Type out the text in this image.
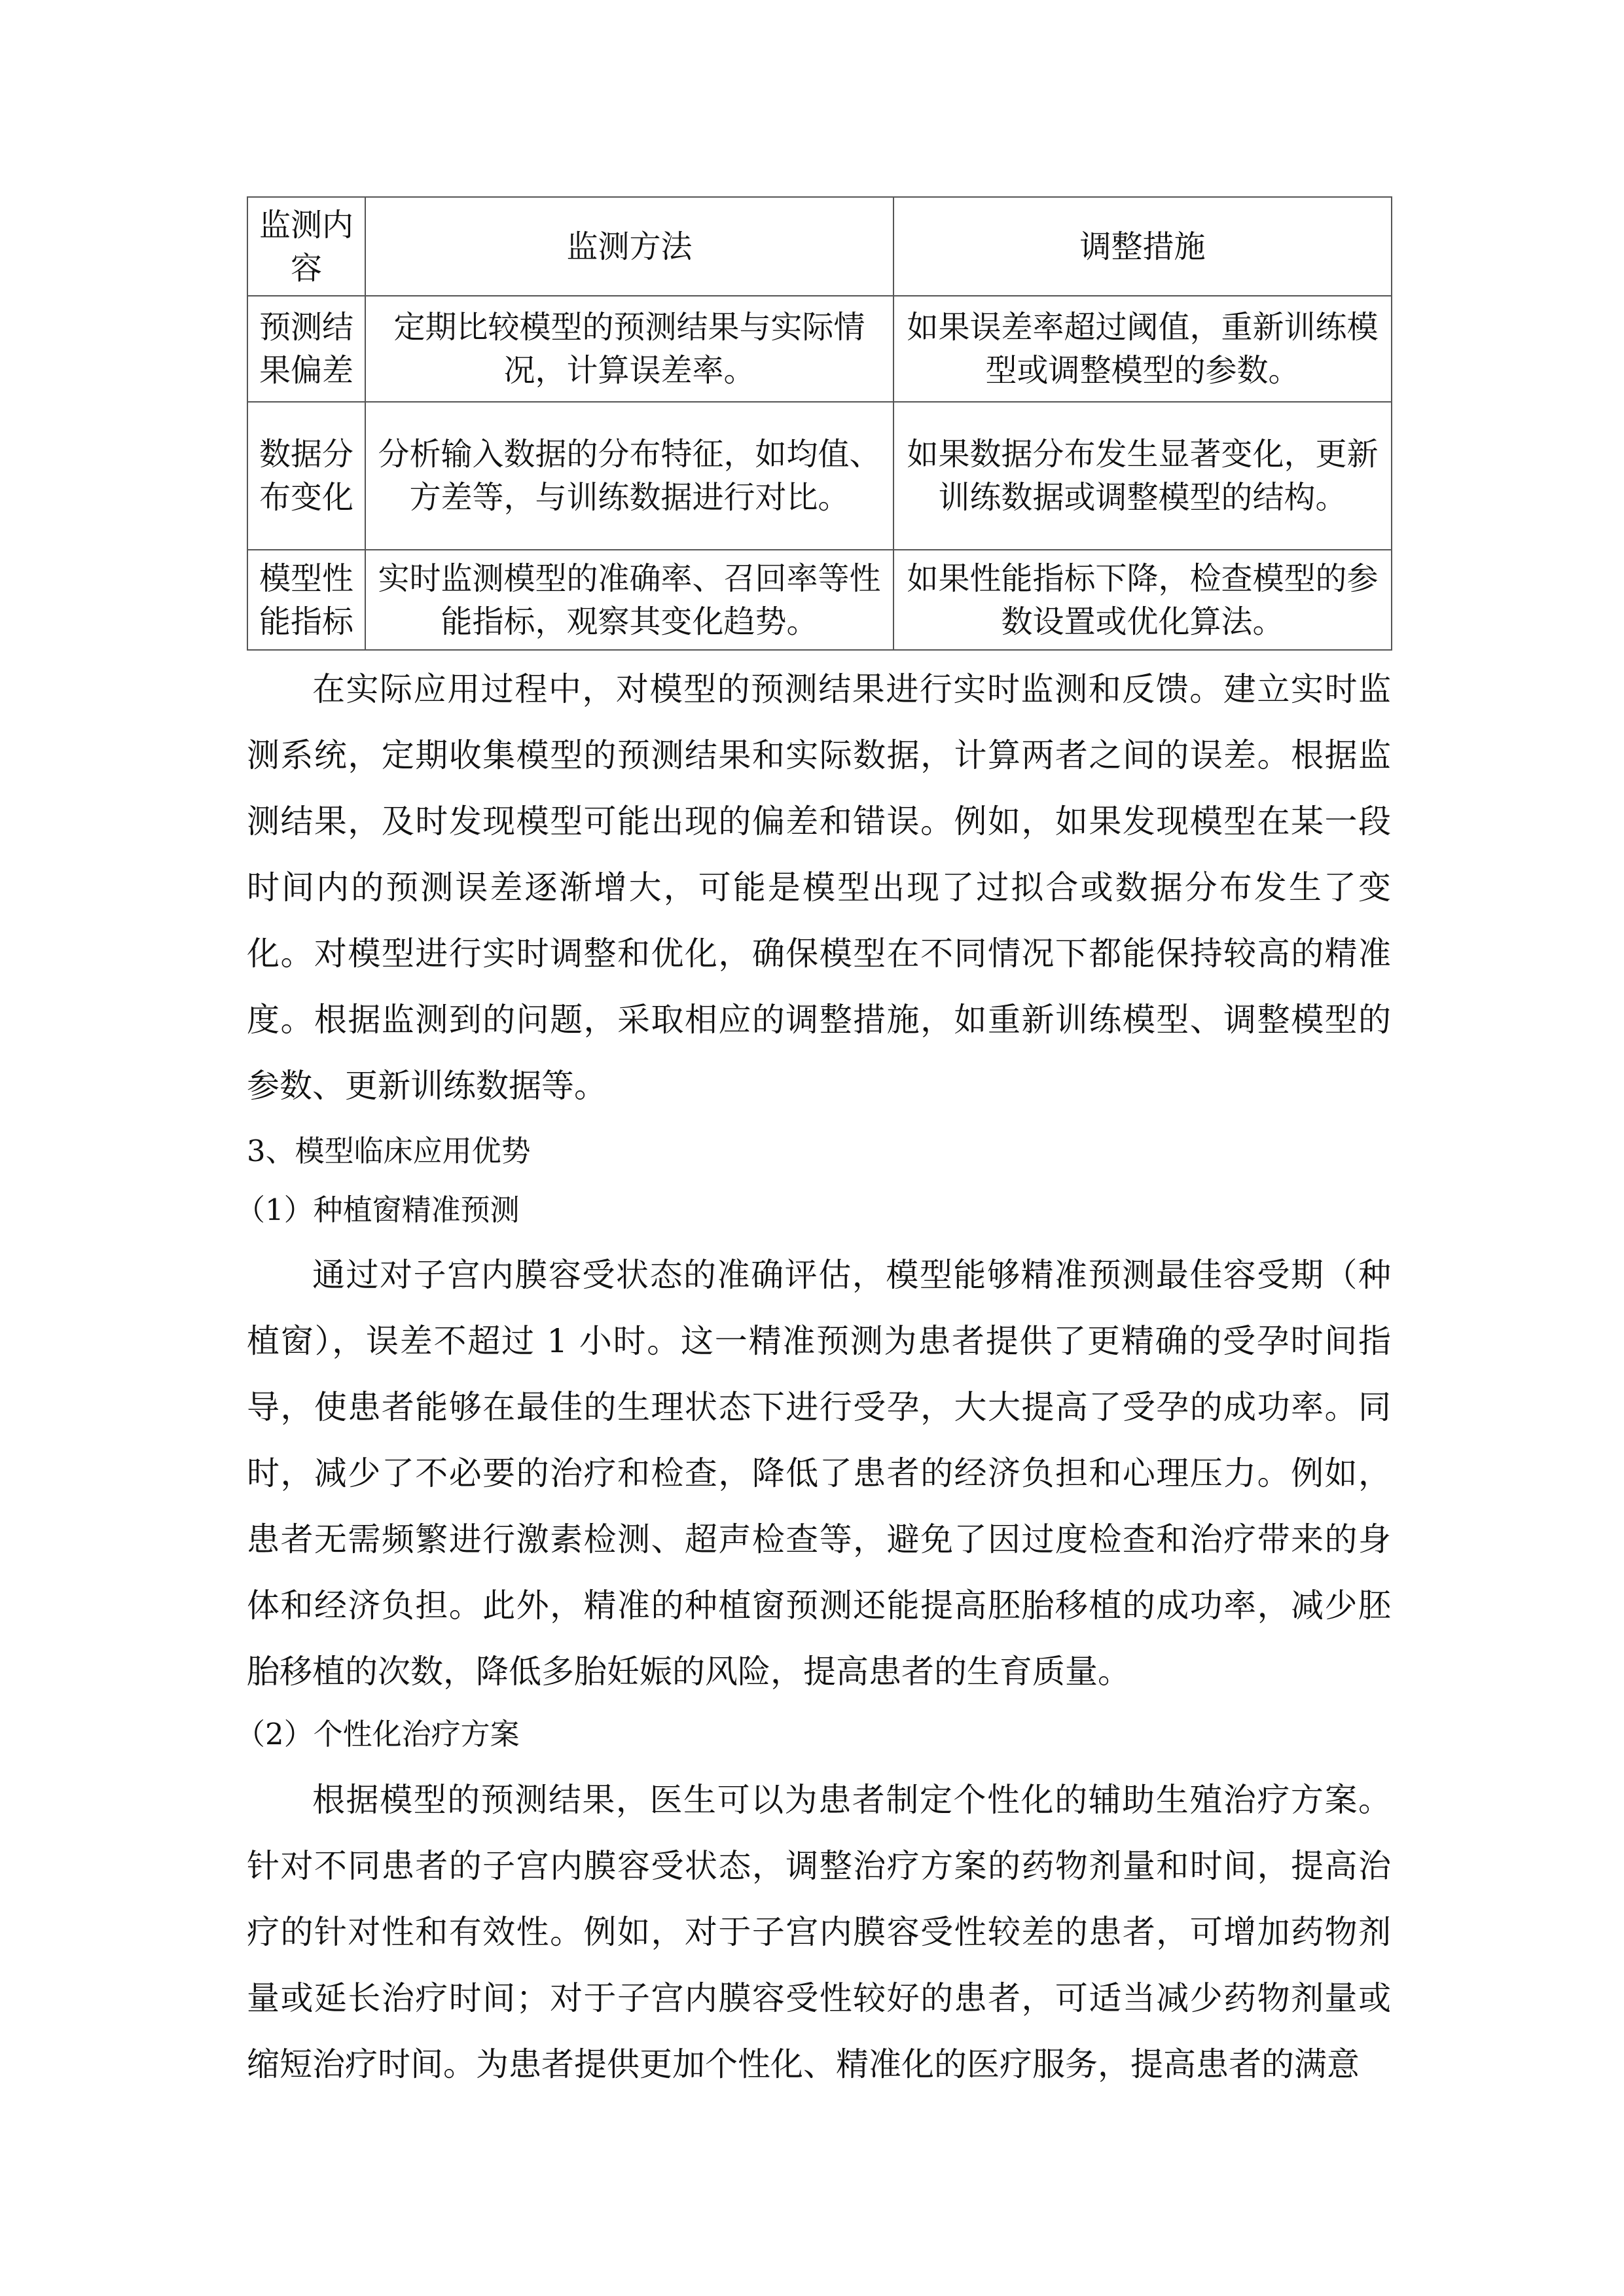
监测内容	监测方法	调整措施
预测结果偏差	定期比较模型的预测结果与实际情况，计算误差率。	如果误差率超过阈值，重新训练模型或调整模型的参数。
数据分布变化	分析输入数据的分布特征，如均值、方差等，与训练数据进行对比。	如果数据分布发生显著变化，更新训练数据或调整模型的结构。
模型性能指标	实时监测模型的准确率、召回率等性能指标，观察其变化趋势。	如果性能指标下降，检查模型的参数设置或优化算法。

在实际应用过程中，对模型的预测结果进行实时监测和反馈。建立实时监测系统，定期收集模型的预测结果和实际数据，计算两者之间的误差。根据监测结果，及时发现模型可能出现的偏差和错误。例如，如果发现模型在某一段时间内的预测误差逐渐增大，可能是模型出现了过拟合或数据分布发生了变化。对模型进行实时调整和优化，确保模型在不同情况下都能保持较高的精准度。根据监测到的问题，采取相应的调整措施，如重新训练模型、调整模型的参数、更新训练数据等。

3、模型临床应用优势

（1）种植窗精准预测

通过对子宫内膜容受状态的准确评估，模型能够精准预测最佳容受期（种植窗），误差不超过 1 小时。这一精准预测为患者提供了更精确的受孕时间指导，使患者能够在最佳的生理状态下进行受孕，大大提高了受孕的成功率。同时，减少了不必要的治疗和检查，降低了患者的经济负担和心理压力。例如，患者无需频繁进行激素检测、超声检查等，避免了因过度检查和治疗带来的身体和经济负担。此外，精准的种植窗预测还能提高胚胎移植的成功率，减少胚胎移植的次数，降低多胎妊娠的风险，提高患者的生育质量。

（2）个性化治疗方案

根据模型的预测结果，医生可以为患者制定个性化的辅助生殖治疗方案。针对不同患者的子宫内膜容受状态，调整治疗方案的药物剂量和时间，提高治疗的针对性和有效性。例如，对于子宫内膜容受性较差的患者，可增加药物剂量或延长治疗时间；对于子宫内膜容受性较好的患者，可适当减少药物剂量或缩短治疗时间。为患者提供更加个性化、精准化的医疗服务，提高患者的满意
